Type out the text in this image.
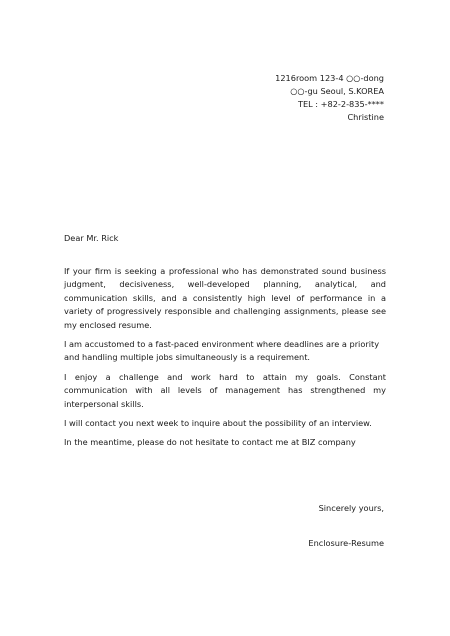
1216room 123-4 ○○-dong
○○-gu Seoul, S.KOREA
TEL : +82-2-835-****
Christine
Dear Mr. Rick

If your firm is seeking a professional who has demonstrated sound business judgment, decisiveness, well-developed planning, analytical, and communication skills, and a consistently high level of performance in a variety of progressively responsible and challenging assignments, please see my enclosed resume.

I am accustomed to a fast-paced environment where deadlines are a priority and handling multiple jobs simultaneously is a requirement.

I enjoy a challenge and work hard to attain my goals. Constant communication with all levels of management has strengthened my interpersonal skills.

I will contact you next week to inquire about the possibility of an interview.

In the meantime, please do not hesitate to contact me at BIZ company

Sincerely yours,
Enclosure-Resume
